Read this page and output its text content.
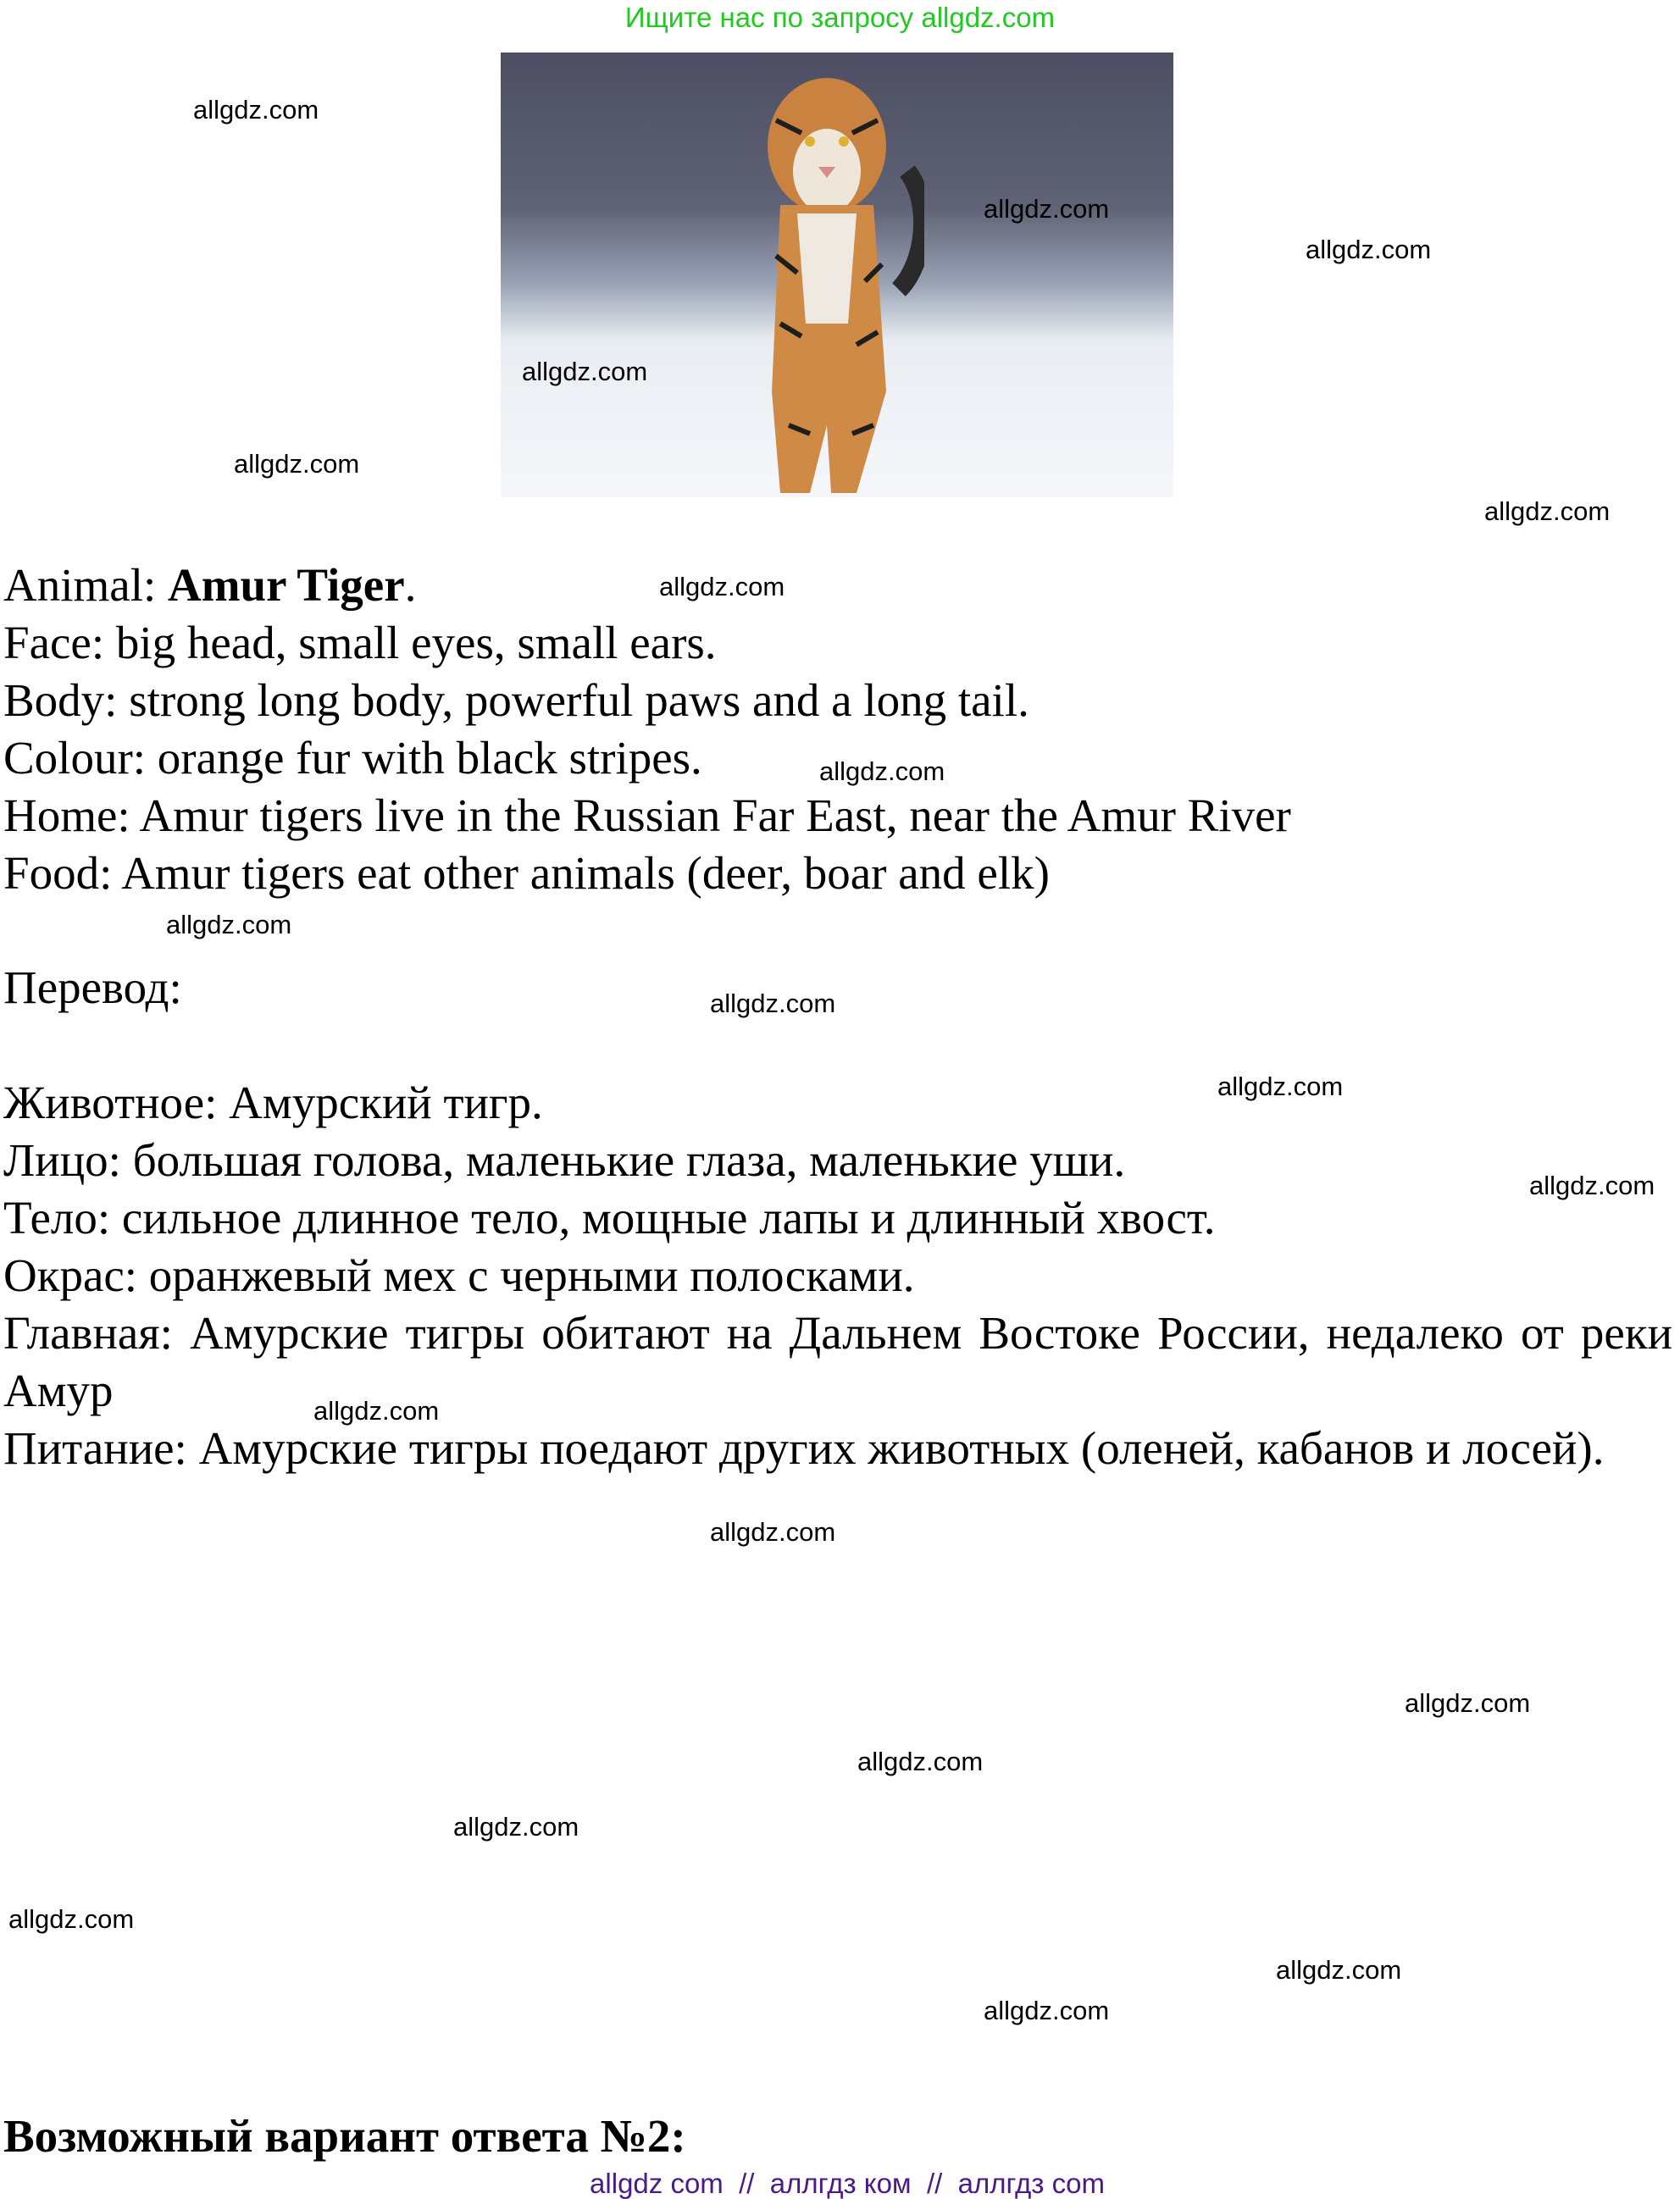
Ищите нас по запросу allgdz.com

Animal: Amur Tiger.

Face: big head, small eyes, small ears.

Body: strong long body, powerful paws and a long tail.

Colour: orange fur with black stripes.

Home: Amur tigers live in the Russian Far East, near the Amur River

Food: Amur tigers eat other animals (deer, boar and elk)

Перевод:

Животное: Амурский тигр.

Лицо: большая голова, маленькие глаза, маленькие уши.

Тело: сильное длинное тело, мощные лапы и длинный хвост.

Окрас: оранжевый мех с черными полосками.

Главная: Амурские тигры обитают на Дальнем Востоке России, недалеко от реки Амур

Питание: Амурские тигры поедают других животных (оленей, кабанов и лосей).

Возможный вариант ответа №2:
allgdz com  //  аллгдз ком  //  аллгдз com
allgdz.com
allgdz.com
allgdz.com
allgdz.com
allgdz.com
allgdz.com
allgdz.com
allgdz.com
allgdz.com
allgdz.com
allgdz.com
allgdz.com
allgdz.com
allgdz.com
allgdz.com
allgdz.com
allgdz.com
allgdz.com
allgdz.com
allgdz.com
